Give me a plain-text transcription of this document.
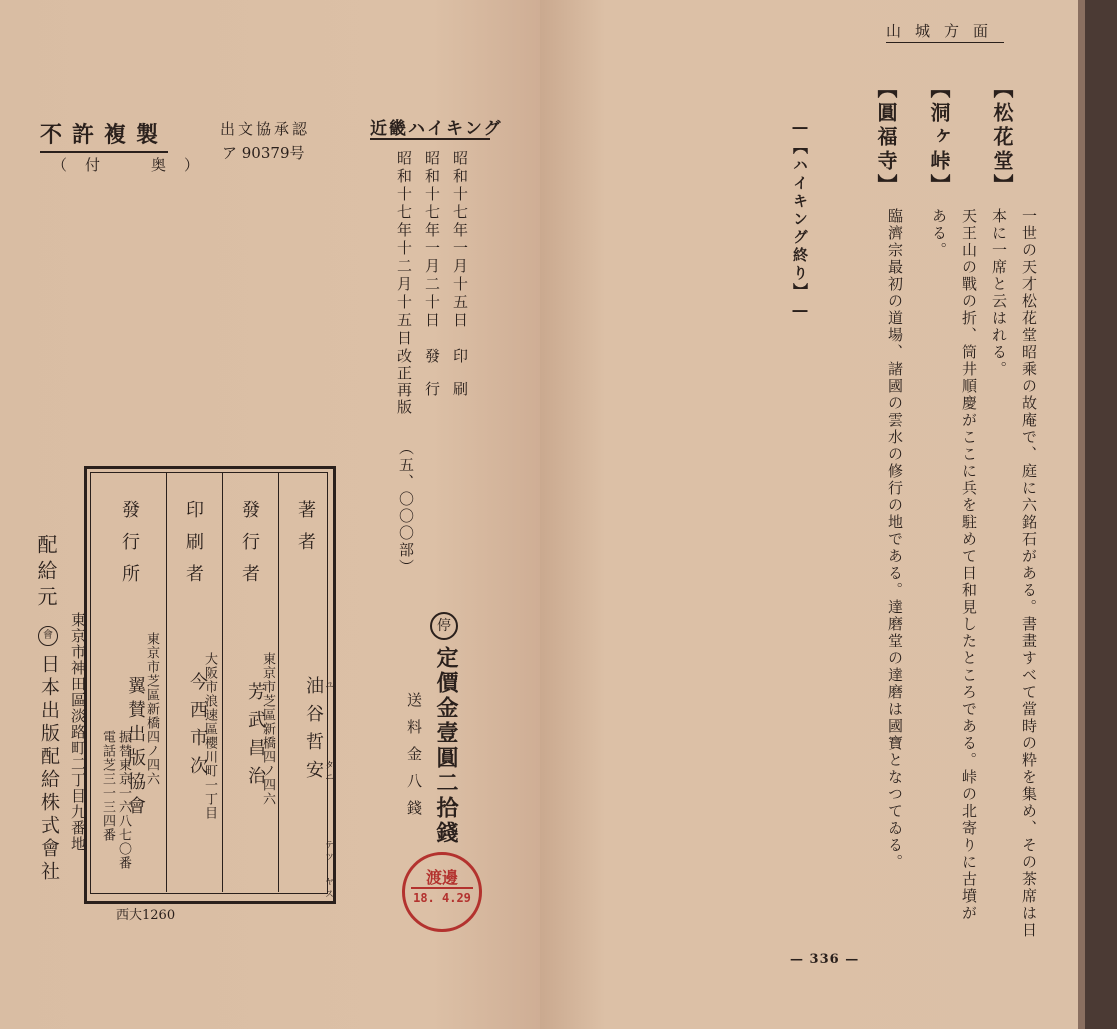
不許複製
（付　奥）
出文協承認
ア 90379号
近畿ハイキング
昭和十七年一月十五日
昭和十七年一月二十日
昭和十七年十二月十五日
印刷
發行
改正再版
（五、〇〇〇部）
著者
發行者
印刷者
發行所
油谷哲安 ユ
タニ
テツ ヤス
東京市芝區新橋四ノ四六
芳武昌治
大阪市浪速區櫻川町一丁目
今西市次
東京市芝區新橋四ノ四六
翼賛出版協會
振替東京一六八七〇番
電話芝三一三四番
配給元
會	東京市神田區淡路町二丁目九番地
日本出版配給株式會社
西大1260
停
定價金壹圓二拾錢
送料金八錢
渡邊
18. 4.29
山城方面
【松花堂】
【洞ヶ峠】
【圓福寺】
一世の天才松花堂昭乘の故庵で、庭に六銘石がある。書畫すべて當時の粋を集め、その茶席は日
本に一席と云はれる。
天王山の戰の折、筒井順慶がここに兵を駐めて日和見したところである。峠の北寄りに古墳が
ある。
臨濟宗最初の道場、諸國の雲水の修行の地である。達磨堂の達磨は國寶となつてゐる。
―【ハイキング終り】―
— 336 —
